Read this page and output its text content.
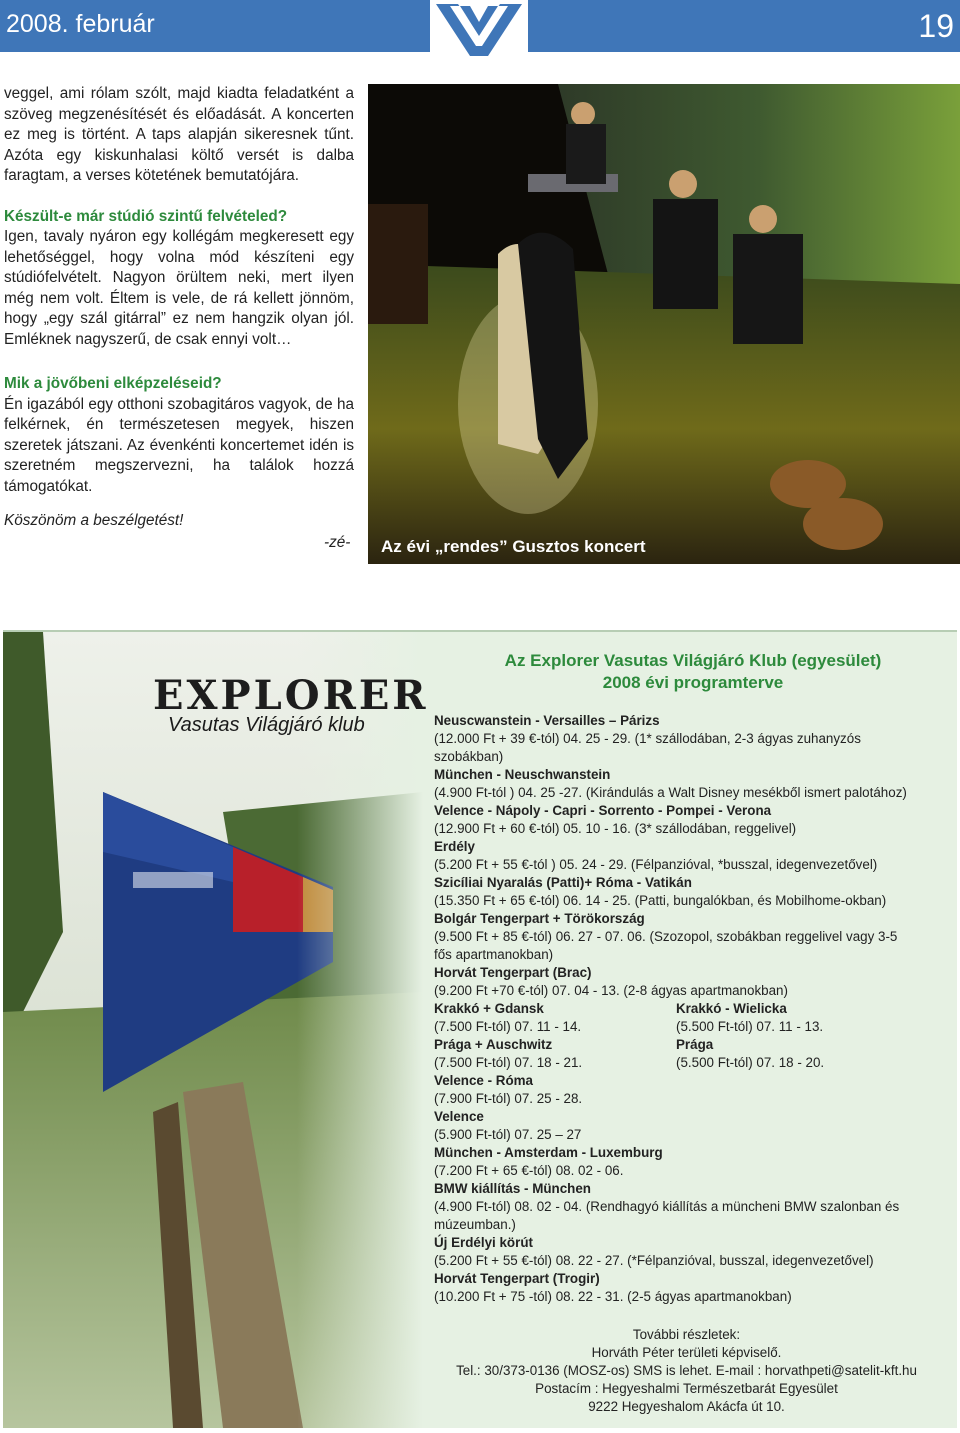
2008. február	19

veggel, ami rólam szólt, majd kiadta feladatként a szöveg megzenésítését és előadását. A koncerten ez meg is történt. A taps alapján sikeresnek tűnt. Azóta egy kiskunhalasi költő versét is dalba faragtam, a verses kötetének bemutatójára.

Készült-e már stúdió szintű felvételed?

Igen, tavaly nyáron egy kollégám megkeresett egy lehetőséggel, hogy volna mód készíteni egy stúdiófelvételt. Nagyon örültem neki, mert ilyen még nem volt. Éltem is vele, de rá kellett jönnöm, hogy „egy szál gitárral” ez nem hangzik olyan jól. Emléknek nagyszerű, de csak ennyi volt…

Mik a jövőbeni elképzeléseid?

Én igazából egy otthoni szobagitáros vagyok, de ha felkérnek, én természetesen megyek, hiszen szeretek játszani. Az évenkénti koncertemet idén is szeretném megszervezni, ha találok hozzá támogatókat.

Köszönöm a beszélgetést!
-zé- Az évi „rendes” Gusztos koncert
EXPLORER
Vasutas Világjáró klub
Az Explorer Vasutas Világjáró Klub (egyesület)
2008 évi programterve
Neuscwanstein - Versailles – Párizs
(12.000 Ft + 39 €-tól) 04. 25 - 29. (1* szállodában, 2-3 ágyas zuhanyzós
szobákban)
München - Neuschwanstein
(4.900 Ft-tól ) 04. 25 -27. (Kirándulás a Walt Disney mesékből ismert palotához)
Velence - Nápoly - Capri - Sorrento - Pompei - Verona
(12.900 Ft + 60 €-tól) 05. 10 - 16. (3* szállodában, reggelivel)
Erdély
(5.200 Ft + 55 €-tól ) 05. 24 - 29. (Félpanzióval, *busszal, idegenvezetővel)
Szicíliai Nyaralás (Patti)+ Róma - Vatikán
(15.350 Ft + 65 €-tól) 06. 14 - 25. (Patti, bungalókban, és Mobilhome-okban)
Bolgár Tengerpart + Törökország
(9.500 Ft + 85 €-tól) 06. 27 - 07. 06. (Szozopol, szobákban reggelivel vagy 3-5
fős apartmanokban)
Horvát Tengerpart (Brac)
(9.200 Ft +70 €-tól) 07. 04 - 13. (2-8 ágyas apartmanokban)
Krakkó + Gdansk	Krakkó - Wielicka
(7.500 Ft-tól) 07. 11 - 14.	(5.500 Ft-tól) 07. 11 - 13.
Prága + Auschwitz	Prága
(7.500 Ft-tól) 07. 18 - 21.	(5.500 Ft-tól) 07. 18 - 20.
Velence - Róma
(7.900 Ft-tól) 07. 25 - 28.
Velence
(5.900 Ft-tól) 07. 25 – 27
München - Amsterdam - Luxemburg
(7.200 Ft + 65 €-tól) 08. 02 - 06.
BMW kiállítás - München
(4.900 Ft-tól) 08. 02 - 04. (Rendhagyó kiállítás a müncheni BMW szalonban és
múzeumban.)
Új Erdélyi körút
(5.200 Ft + 55 €-tól) 08. 22 - 27. (*Félpanzióval, busszal, idegenvezetővel)
Horvát Tengerpart (Trogir)
(10.200 Ft + 75 -tól) 08. 22 - 31. (2-5 ágyas apartmanokban)
További részletek:
Horváth Péter területi képviselő.
Tel.: 30/373-0136 (MOSZ-os) SMS is lehet. E-mail : horvathpeti@satelit-kft.hu
Postacím : Hegyeshalmi Természetbarát Egyesület
9222 Hegyeshalom Akácfa út 10.
